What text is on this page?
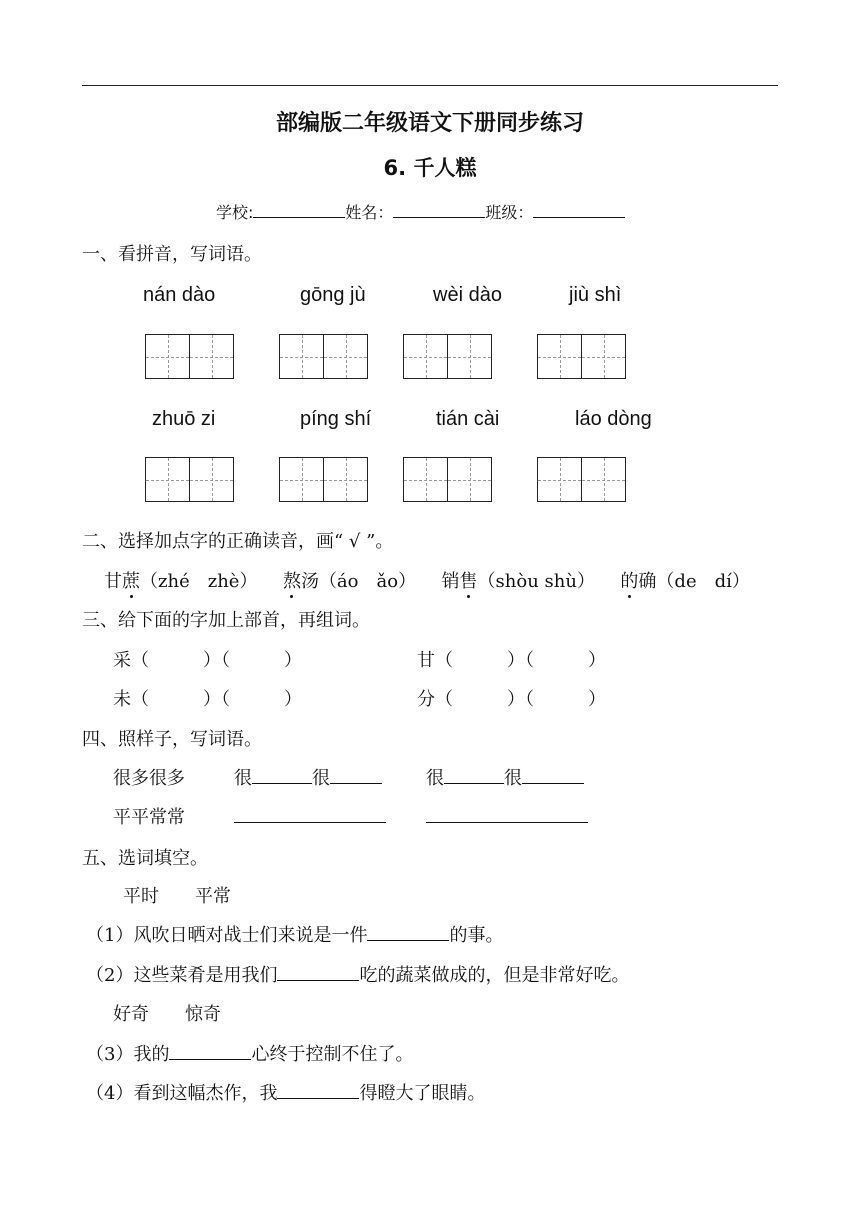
部编版二年级语文下册同步练习
6. 千人糕
学校:	姓名：	班级：
一、看拼音，写词语。
nán dào	gōng jù	wèi dào	jiù shì
zhuō zi	píng shí	tián cài	láo dòng
二、选择加点字的正确读音，画“ √ ”。
甘蔗（zhé　zhè） 熬汤（áo　ǎo） 销售（shòu shù） 的确（de　dí）
三、给下面的字加上部首，再组词。
采（　　　）（　　　）	甘（　　　）（　　　）
未（　　　）（　　　）	分（　　　）（　　　）
四、照样子，写词语。
很多很多	很	很	很	很
平平常常
五、选词填空。
平时　　平常
（1）风吹日晒对战士们来说是一件	的事。
（2）这些菜肴是用我们	吃的蔬菜做成的，但是非常好吃。
好奇　　惊奇
（3）我的	心终于控制不住了。
（4）看到这幅杰作，我	得瞪大了眼睛。
